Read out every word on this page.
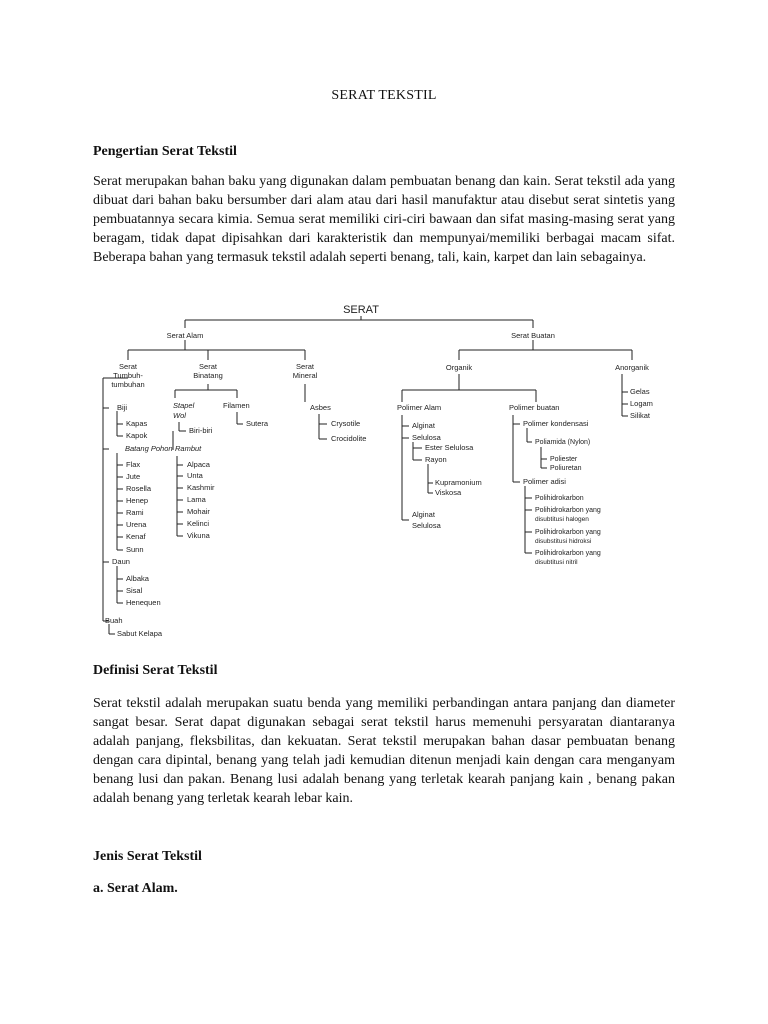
SERAT TEKSTIL
Pengertian Serat Tekstil

Serat merupakan bahan baku yang digunakan dalam pembuatan benang dan kain. Serat tekstil ada yang dibuat dari bahan baku bersumber dari alam atau dari hasil manufaktur atau disebut serat sintetis yang pembuatannya secara kimia. Semua serat memiliki ciri-ciri bawaan dan sifat masing-masing serat yang beragam, tidak dapat dipisahkan dari karakteristik dan mempunyai/memiliki berbagai macam sifat. Beberapa bahan yang termasuk tekstil adalah seperti benang, tali, kain, karpet dan lain sebagainya.

SERAT
Serat Alam	Serat Buatan
Serat
Tumbuh-
tumbuhan
Serat
Binatang
Serat
Mineral
Organik	Anorganik
Biji
Kapas
Kapok
Batang Pohon
Flax
Jute
Rosella
Henep
Rami
Urena
Kenaf
Sunn
Daun
Albaka
Sisal
Henequen
Buah
Sabut Kelapa
Stapel
Wol
Filamen
Biri-biri
Sutera
Rambut
Alpaca
Unta
Kashmir
Lama
Mohair
Kelinci
Vikuna
Asbes
Crysotile
Crocidolite
Polimer Alam
Alginat
Selulosa
Ester Selulosa
Rayon
Kupramonium
Viskosa
Alginat
Selulosa
Polimer buatan
Polimer kondensasi
Poliamida (Nylon)
Poliester
Poliuretan
Polimer adisi
Polihidrokarbon
Polihidrokarbon yang
disubtitusi halogen
Polihidrokarbon yang
disubstitusi hidroksi
Polihidrokarbon yang
disubtitusi nitril
Gelas
Logam
Silikat
Definisi Serat Tekstil

Serat tekstil adalah merupakan suatu benda yang memiliki perbandingan antara panjang dan diameter sangat besar. Serat dapat digunakan sebagai serat tekstil harus memenuhi persyaratan diantaranya adalah panjang, fleksbilitas, dan kekuatan. Serat tekstil merupakan bahan dasar pembuatan benang dengan cara dipintal, benang yang telah jadi kemudian ditenun menjadi kain dengan cara menganyam benang lusi dan pakan. Benang lusi adalah benang yang terletak kearah panjang kain , benang pakan adalah benang yang terletak kearah lebar kain.

Jenis Serat Tekstil
a. Serat Alam.
